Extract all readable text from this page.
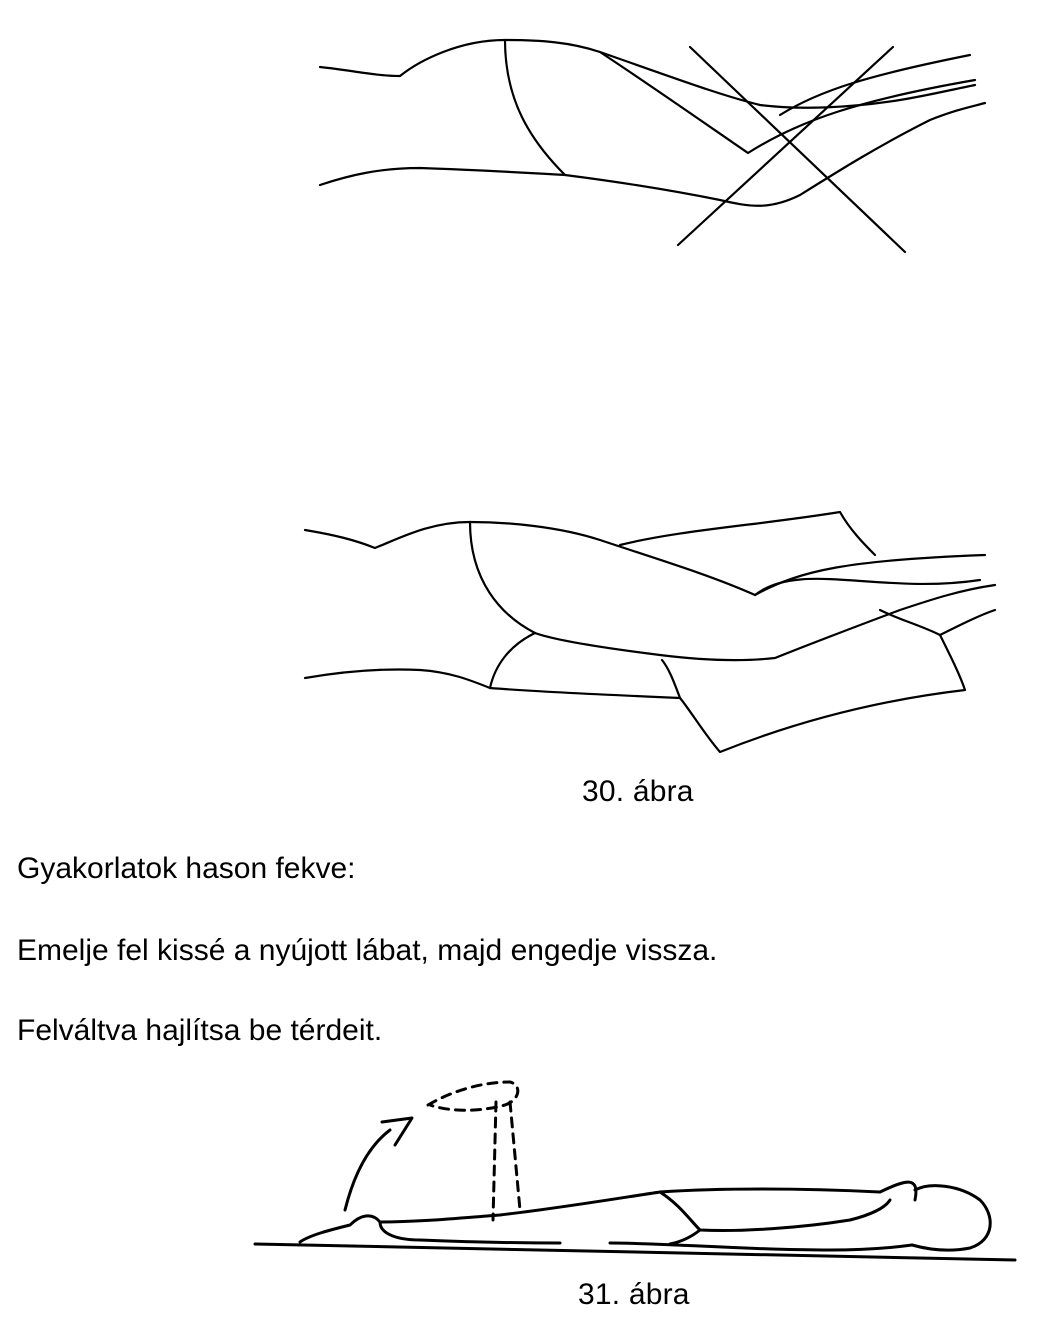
30. ábra
Gyakorlatok hason fekve:
Emelje fel kissé a nyújott lábat, majd engedje vissza.
Felváltva hajlítsa be térdeit.
31. ábra
